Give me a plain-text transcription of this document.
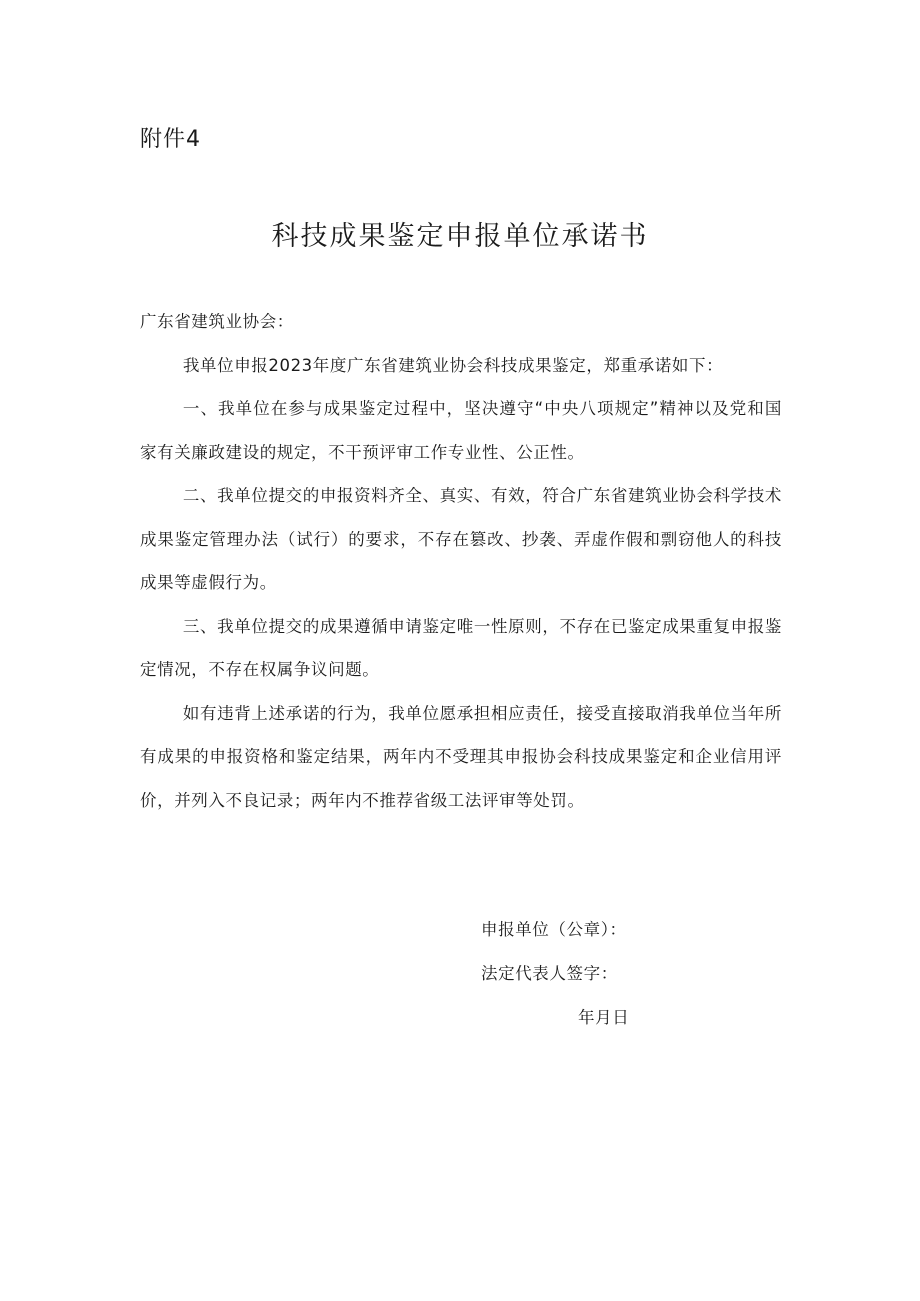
附件4
科技成果鉴定申报单位承诺书

广东省建筑业协会：

我单位申报2023年度广东省建筑业协会科技成果鉴定，郑重承诺如下：

一、我单位在参与成果鉴定过程中，坚决遵守“中央八项规定”精神以及党和国家有关廉政建设的规定，不干预评审工作专业性、公正性。

二、我单位提交的申报资料齐全、真实、有效，符合广东省建筑业协会科学技术成果鉴定管理办法（试行）的要求，不存在篡改、抄袭、弄虚作假和剽窃他人的科技成果等虚假行为。

三、我单位提交的成果遵循申请鉴定唯一性原则，不存在已鉴定成果重复申报鉴定情况，不存在权属争议问题。

如有违背上述承诺的行为，我单位愿承担相应责任，接受直接取消我单位当年所有成果的申报资格和鉴定结果，两年内不受理其申报协会科技成果鉴定和企业信用评价，并列入不良记录；两年内不推荐省级工法评审等处罚。

申报单位（公章）：
法定代表人签字：
年月日
